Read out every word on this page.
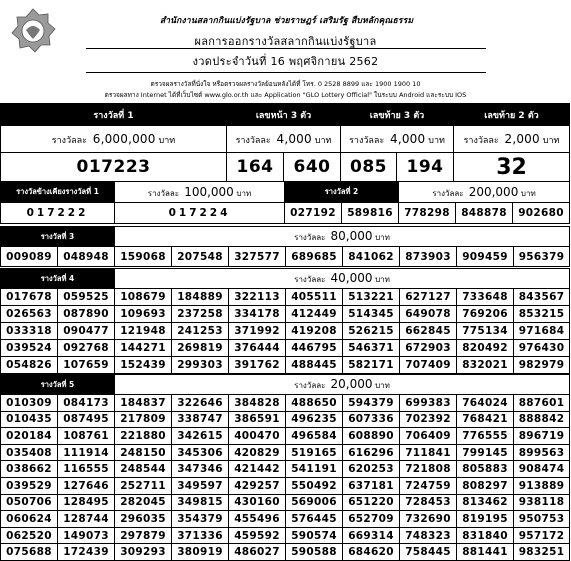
สำนักงานสลากกินแบ่งรัฐบาล ช่วยราษฎร์ เสริมรัฐ สืบหลักคุณธรรม
ผลการออกรางวัลสลากกินแบ่งรัฐบาล
งวดประจำวันที่ 16 พฤศจิกายน 2562
ตรวจผลรางวัลที่นั่งใจ หรือตรวจผลรางวัลย้อนหลังได้ที่ โทร. 0 2528 8899 และ 1900 1900 10
ตรวจผลทาง Internet ได้ที่เว็บไซต์ www.glo.or.th และ Application "GLO Lottery Official" ในระบบ Android และระบบ IOS
รางวัลที่ 1	เลขหน้า 3 ตัว		เลขท้าย 3 ตัว		เลขท้าย 2 ตัว
รางวัลละ 6,000,000 บาท	รางวัลละ 4,000 บาท		รางวัลละ 4,000 บาท		รางวัลละ 2,000 บาท
017223	164	640	085	194	32
รางวัลข้างเคียงรางวัลที่ 1	รางวัลละ 100,000 บาท	รางวัลที่ 2		รางวัลละ 200,000 บาท		
017222	017224	027192	589816	778298	848878	902680
รางวัลที่ 3		รางวัลละ 80,000 บาท							
009089	048948	159068	207548	327577	689685	841062	873903	909459	956379
รางวัลที่ 4		รางวัลละ 40,000 บาท							
017678	059525	108679	184889	322113	405511	513221	627127	733648	843567
026563	087890	109693	237258	334178	412449	514345	649078	769206	853215
033318	090477	121948	241253	371992	419208	526215	662845	775134	971684
039524	092768	144271	269819	376444	446795	546371	672903	820492	976430
054826	107659	152439	299303	391762	488445	582171	707409	832021	982979
รางวัลที่ 5		รางวัลละ 20,000 บาท							
010309	084173	184837	322646	384828	488650	594379	699383	764024	887601
010435	087495	217809	338747	386591	496235	607336	702392	768421	888842
020184	108761	221880	342615	400470	496584	608890	706409	776555	896719
035408	111914	248150	345306	420829	519165	616296	711841	799145	899563
038662	116555	248544	347346	421442	541191	620253	721808	805883	908474
039529	127646	252711	349597	429257	550492	637181	724759	808297	913889
050706	128495	282045	349815	430160	569006	651220	728453	813462	938118
060624	128744	296035	354379	455496	576445	652709	732690	819195	950753
062520	149073	297879	371336	459592	590574	669314	748323	831840	957172
075688	172439	309293	380919	486027	590588	684620	758445	881441	983251
